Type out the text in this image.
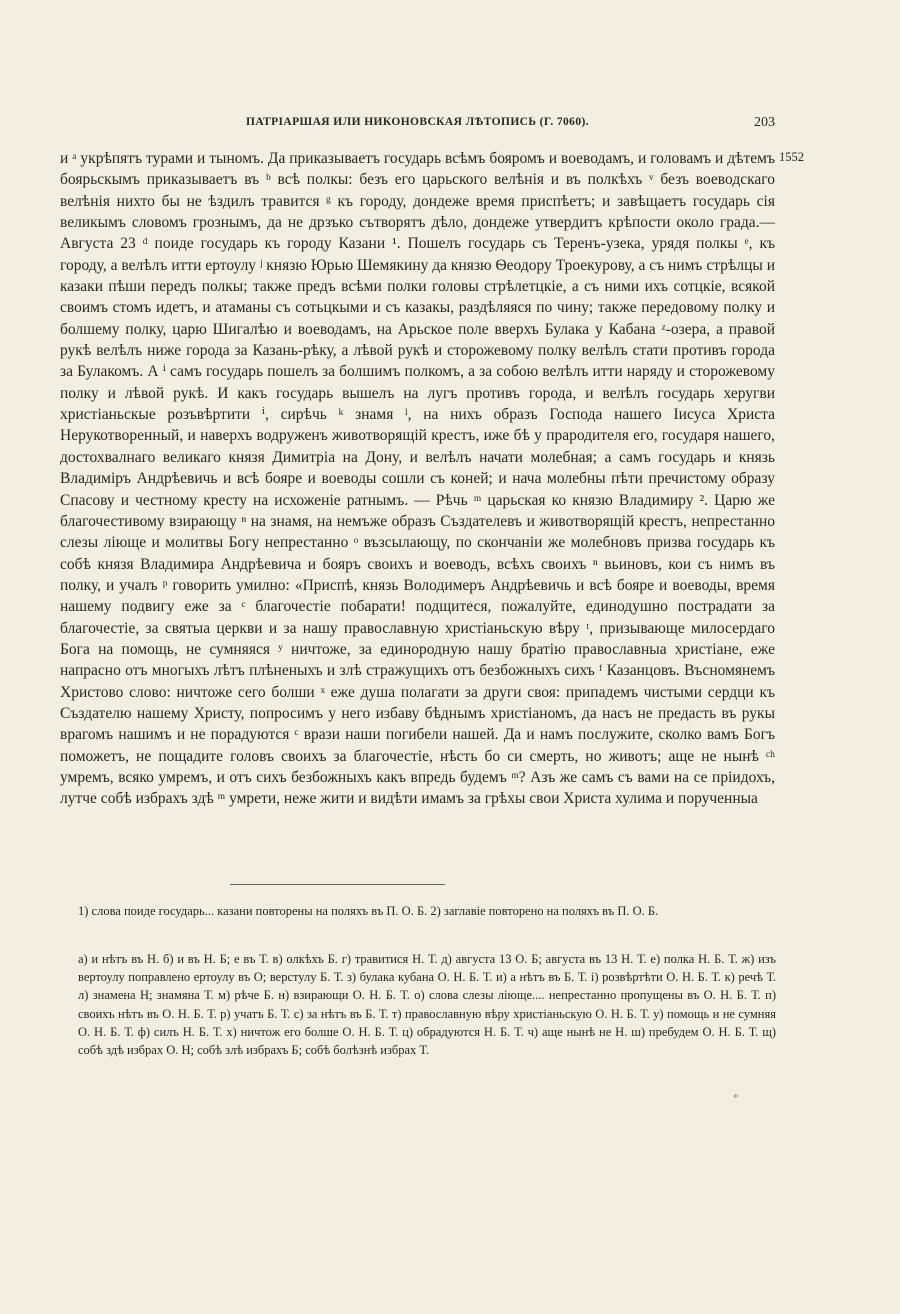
ПАТРІАРШАЯ ИЛИ НИКОНОВСКАЯ ЛѢТОПИСЬ (Г. 7060).	203
1552

и ᵃ укрѣпятъ турами и тыномъ. Да приказываетъ государь всѣмъ бояромъ и воеводамъ, и головамъ и дѣтемъ боярьскымъ приказываетъ въ ᵇ всѣ полкы: безъ его царьского велѣнія и въ полкѣхъ ᵛ безъ воеводскаго велѣнія нихто бы не ѣздилъ травится ᵍ къ городу, дондеже время приспѣетъ; и завѣщаетъ государь сія великымъ словомъ грознымъ, да не дрзъко сътворятъ дѣло, дондеже утвердитъ крѣпости около града.—Августа 23 ᵈ поиде государь къ городу Казани ¹. Пошелъ государь съ Теренъ-узека, урядя полкы ᵉ, къ городу, а велѣлъ итти ертоулу ʲ князю Юрью Шемякину да князю Ѳеодору Троекурову, а съ нимъ стрѣлцы и казаки пѣши передъ полкы; также предъ всѣми полки головы стрѣлетцкіе, а съ ними ихъ сотцкіе, всякой своимъ стомъ идетъ, и атаманы съ сотьцкыми и съ казакы, раздѣляяся по чину; также передовому полку и болшему полку, царю Шигалѣю и воеводамъ, на Арьское поле вверхъ Булака у Кабана ᶻ-озера, а правой рукѣ велѣлъ ниже города за Казань-рѣку, а лѣвой рукѣ и сторожевому полку велѣлъ стати противъ города за Булакомъ. А ⁱ самъ государь пошелъ за болшимъ полкомъ, а за собою велѣлъ итти наряду и сторожевому полку и лѣвой рукѣ. И какъ государь вышелъ на лугъ противъ города, и велѣлъ государь херугви христіаньскые розъвѣртити ⁱ, сирѣчь ᵏ знамя ˡ, на нихъ образъ Господа нашего Іисуса Христа Нерукотворенный, и наверхъ водруженъ животворящій крестъ, иже бѣ у прародителя его, государя нашего, достохвалнаго великаго князя Димитріа на Дону, и велѣлъ начати молебная; а самъ государь и князь Владиміръ Андрѣевичь и всѣ бояре и воеводы сошли съ коней; и нача молебны пѣти пречистому образу Спасову и честному кресту на исхоженіе ратнымъ. — Рѣчь ᵐ царьская ко князю Владимиру ². Царю же благочестивому взирающу ⁿ на знамя, на немъже образъ Създателевъ и животворящій крестъ, непрестанно слезы ліюще и молитвы Богу непрестанно ᵒ възсылающу, по скончаніи же молебновъ призва государь къ собѣ князя Владимира Андрѣевича и бояръ своихъ и воеводъ, всѣхъ своихъ ⁿ вьиновъ, кои съ нимъ въ полку, и учалъ ᵖ говорить умилно: «Приспѣ, князь Володимеръ Андрѣевичь и всѣ бояре и воеводы, время нашему подвигу еже за ᶜ благочестіе побарати! подщитеся, пожалуйте, единодушно пострадати за благочестіе, за святыа церкви и за нашу православную христіаньскую вѣру ᵗ, призывающе милосердаго Бога на помощь, не сумняяся ʸ ничтоже, за единородную нашу братію православныа христіане, еже напрасно отъ многыхъ лѣтъ плѣненыхъ и злѣ стражущихъ отъ безбожныхъ сихъ ᶠ Казанцовъ. Въсномянемъ Христово слово: ничтоже сего болши ˣ еже душа полагати за други своя: припадемъ чистыми сердци къ Създателю нашему Христу, попросимъ у него избаву бѣднымъ христіаномъ, да насъ не предасть въ рукы врагомъ нашимъ и не порадуются ᶜ врази наши погибели нашей. Да и намъ послужите, сколко вамъ Богъ поможетъ, не пощадите головъ своихъ за благочестіе, нѣсть бо си смерть, но животъ; аще не нынѣ ᶜʰ умремъ, всяко умремъ, и отъ сихъ безбожныхъ какъ впредь будемъ ᵐ? Азъ же самъ съ вами на се пріидохъ, лутче собѣ избрахъ здѣ ᵐ умрети, неже жити и видѣти имамъ за грѣхы свои Христа хулима и порученныа

1) слова поиде государь... казани повторены на поляхъ въ П. О. Б. 2) заглавіе повторено на поляхъ въ П. О. Б.

а) и нѣтъ въ Н. б) и въ Н. Б; е въ Т. в) олкѣхъ Б. г) травитися Н. Т. д) августа 13 О. Б; августа въ 13 Н. Т. е) полка Н. Б. Т. ж) изъ вертоулу поправлено ертоулу въ О; верстулу Б. Т. з) булака кубана О. Н. Б. Т. и) а нѣтъ въ Б. Т. і) розвѣртѣти О. Н. Б. Т. к) речѣ Т. л) знамена Н; знамяна Т. м) рѣче Б. н) взирающи О. Н. Б. Т. о) слова слезы ліюще.... непрестанно пропущены въ О. Н. Б. Т. п) своихъ нѣтъ въ О. Н. Б. Т. р) учатъ Б. Т. с) за нѣтъ въ Б. Т. т) православную вѣру христіаньскую О. Н. Б. Т. у) помощь и не сумняя О. Н. Б. Т. ф) силъ Н. Б. Т. х) ничтож его болше О. Н. Б. Т. ц) обрадуются Н. Б. Т. ч) аще нынѣ не Н. ш) пребудем О. Н. Б. Т. щ) собѣ здѣ избрах О. Н; собѣ злѣ избрахъ Б; собѣ болѣзнѣ избрах Т.

*
